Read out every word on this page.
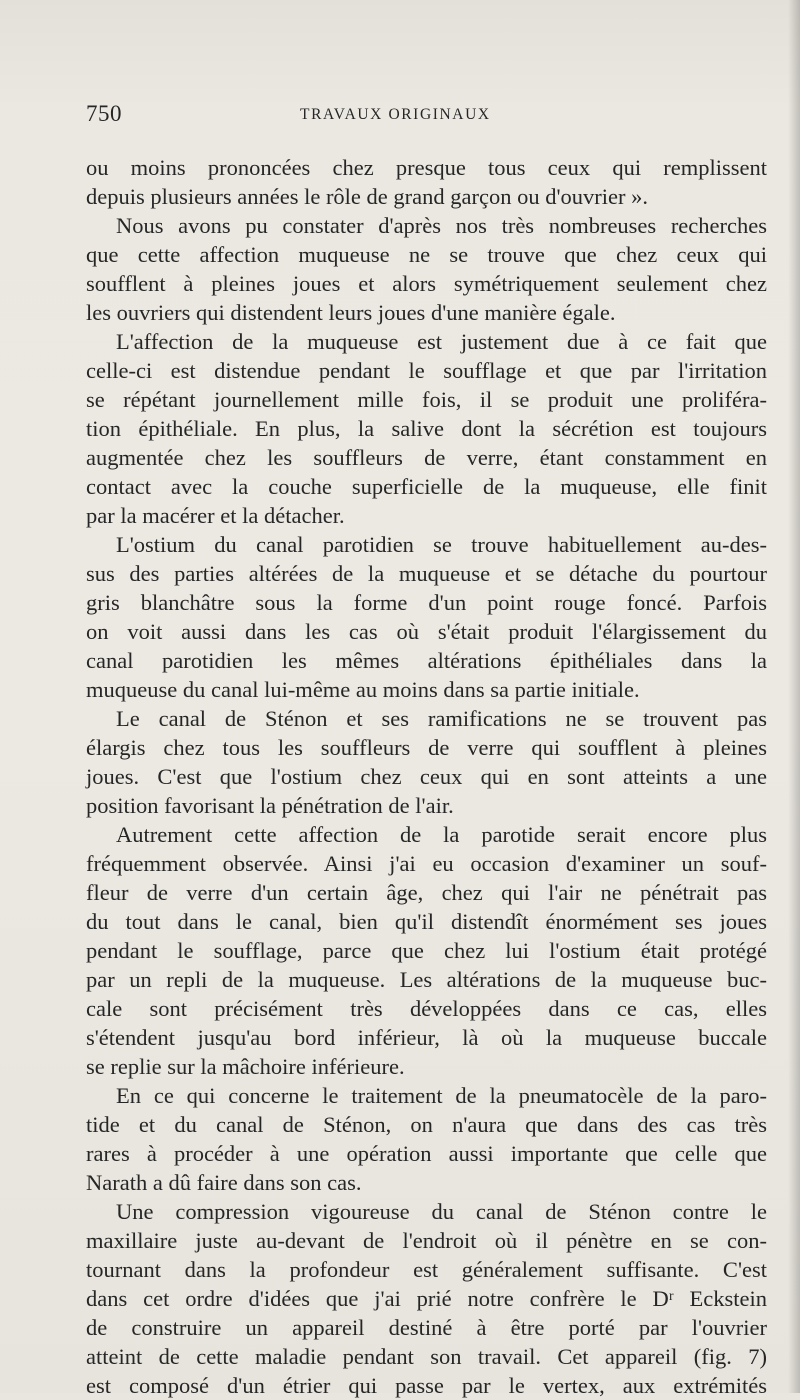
750	TRAVAUX ORIGINAUX
ou moins prononcées chez presque tous ceux qui remplissent
depuis plusieurs années le rôle de grand garçon ou d'ouvrier ».
Nous avons pu constater d'après nos très nombreuses recherches
que cette affection muqueuse ne se trouve que chez ceux qui
soufflent à pleines joues et alors symétriquement seulement chez
les ouvriers qui distendent leurs joues d'une manière égale.
L'affection de la muqueuse est justement due à ce fait que
celle-ci est distendue pendant le soufflage et que par l'irritation
se répétant journellement mille fois, il se produit une proliféra-
tion épithéliale. En plus, la salive dont la sécrétion est toujours
augmentée chez les souffleurs de verre, étant constamment en
contact avec la couche superficielle de la muqueuse, elle finit
par la macérer et la détacher.
L'ostium du canal parotidien se trouve habituellement au-des-
sus des parties altérées de la muqueuse et se détache du pourtour
gris blanchâtre sous la forme d'un point rouge foncé. Parfois
on voit aussi dans les cas où s'était produit l'élargissement du
canal parotidien les mêmes altérations épithéliales dans la
muqueuse du canal lui-même au moins dans sa partie initiale.
Le canal de Sténon et ses ramifications ne se trouvent pas
élargis chez tous les souffleurs de verre qui soufflent à pleines
joues. C'est que l'ostium chez ceux qui en sont atteints a une
position favorisant la pénétration de l'air.
Autrement cette affection de la parotide serait encore plus
fréquemment observée. Ainsi j'ai eu occasion d'examiner un souf-
fleur de verre d'un certain âge, chez qui l'air ne pénétrait pas
du tout dans le canal, bien qu'il distendît énormément ses joues
pendant le soufflage, parce que chez lui l'ostium était protégé
par un repli de la muqueuse. Les altérations de la muqueuse buc-
cale sont précisément très développées dans ce cas, elles
s'étendent jusqu'au bord inférieur, là où la muqueuse buccale
se replie sur la mâchoire inférieure.
En ce qui concerne le traitement de la pneumatocèle de la paro-
tide et du canal de Sténon, on n'aura que dans des cas très
rares à procéder à une opération aussi importante que celle que
Narath a dû faire dans son cas.
Une compression vigoureuse du canal de Sténon contre le
maxillaire juste au-devant de l'endroit où il pénètre en se con-
tournant dans la profondeur est généralement suffisante. C'est
dans cet ordre d'idées que j'ai prié notre confrère le Dʳ Eckstein
de construire un appareil destiné à être porté par l'ouvrier
atteint de cette maladie pendant son travail. Cet appareil (fig. 7)
est composé d'un étrier qui passe par le vertex, aux extrémités
